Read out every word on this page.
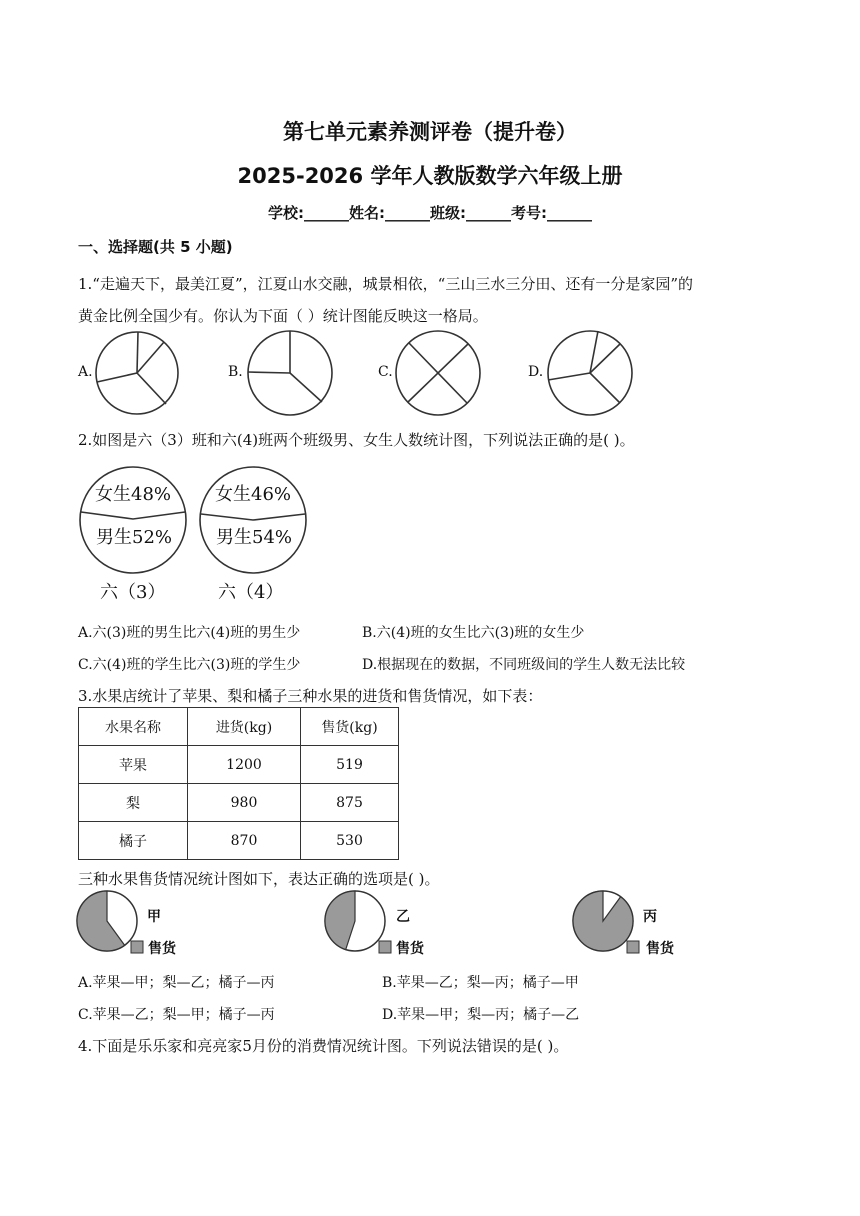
第七单元素养测评卷（提升卷）
2025-2026 学年人教版数学六年级上册
学校:______姓名:______班级:______考号:______
一、选择题(共 5 小题)
1.“走遍天下，最美江夏”，江夏山水交融，城景相依，“三山三水三分田、还有一分是家园”的
黄金比例全国少有。你认为下面（ ）统计图能反映这一格局。
A.	B.	C.	D.
2.如图是六（3）班和六(4)班两个班级男、女生人数统计图，下列说法正确的是( )。
女生48%
男生52%
六（3）
女生46%
男生54%
六（4）
A.六(3)班的男生比六(4)班的男生少	B.六(4)班的女生比六(3)班的女生少
C.六(4)班的学生比六(3)班的学生少	D.根据现在的数据，不同班级间的学生人数无法比较
3.水果店统计了苹果、梨和橘子三种水果的进货和售货情况，如下表：
水果名称	进货(kg)	售货(kg)
苹果	1200	519
梨	980	875
橘子	870	530
三种水果售货情况统计图如下，表达正确的选项是( )。
甲
售货
乙
售货
丙
售货
A.苹果—甲；梨—乙；橘子—丙	B.苹果—乙；梨—丙；橘子—甲
C.苹果—乙；梨—甲；橘子—丙	D.苹果—甲；梨—丙；橘子—乙
4.下面是乐乐家和亮亮家5月份的消费情况统计图。下列说法错误的是( )。
